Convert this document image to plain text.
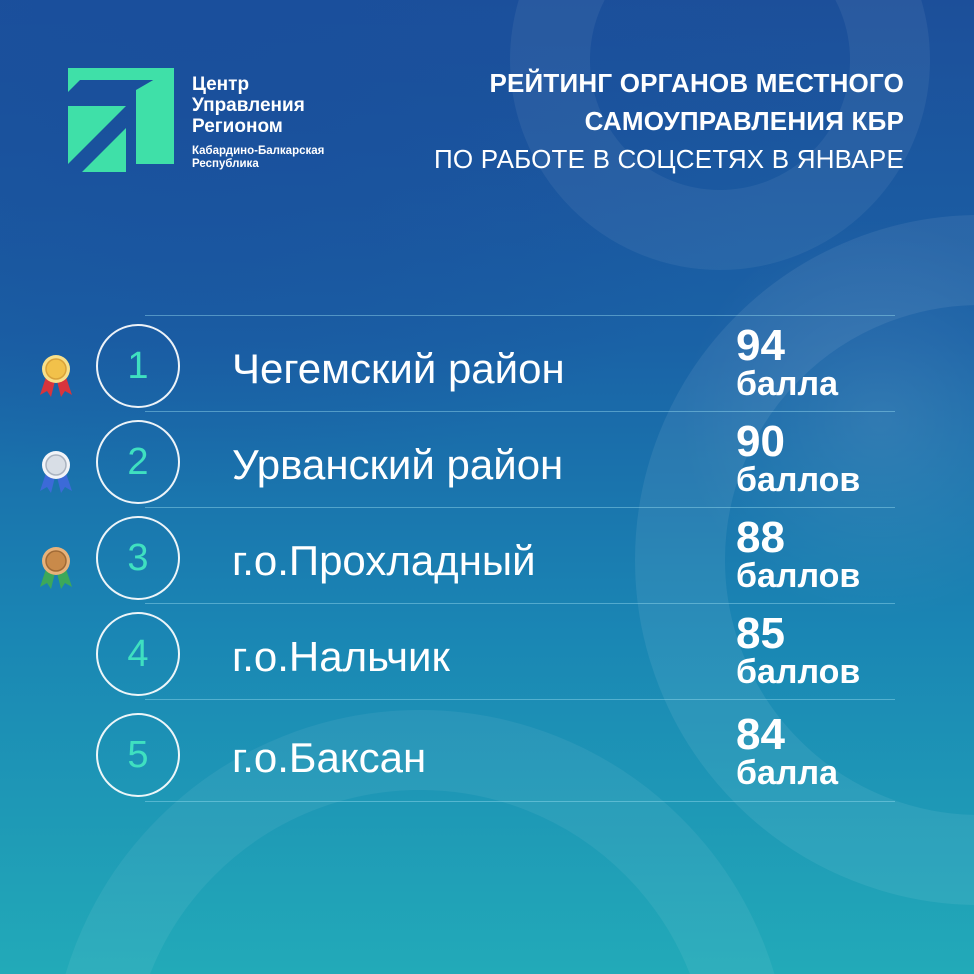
Центр
Управления
Регионом
Кабардино-Балкарская
Республика
РЕЙТИНГ ОРГАНОВ МЕСТНОГО
САМОУПРАВЛЕНИЯ КБР
ПО РАБОТЕ В СОЦСЕТЯХ В ЯНВАРЕ
1	Чегемский район	94
балла
2	Урванский район	90
баллов
3	г.о.Прохладный	88
баллов
4	г.о.Нальчик	85
баллов
5	г.о.Баксан	84
балла
